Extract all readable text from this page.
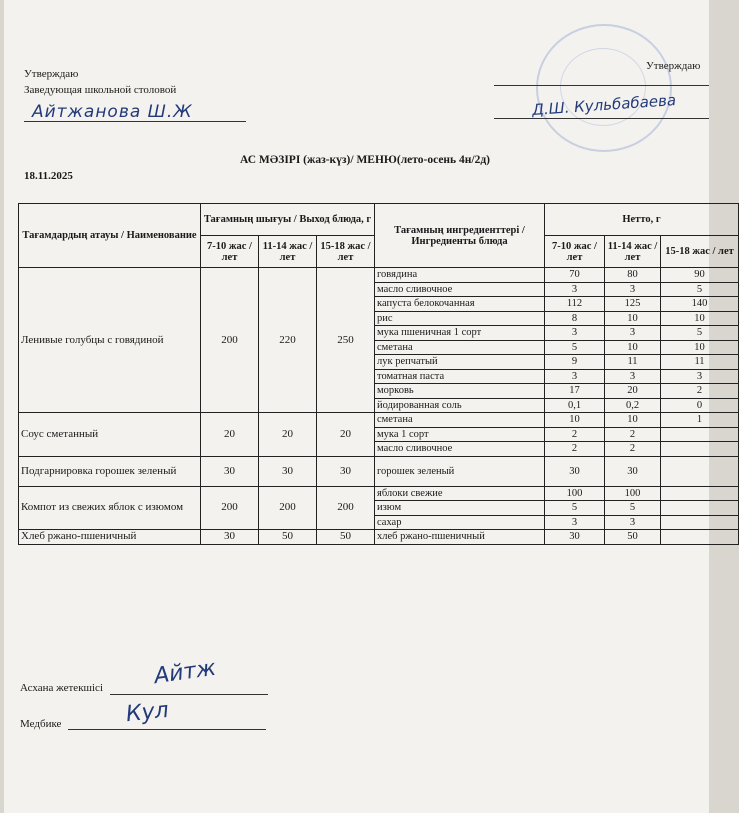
Утверждаю
Заведующая школьной столовой
Айтжанова Ш.Ж
Утверждаю
Д.Ш. Кульбабаева
АС МӘЗІРІ (жаз-күз)/ МЕНЮ(лето-осень 4н/2д)
18.11.2025
Тағамдардың атауы / Наименование	Тағамның шығуы / Выход блюда, г			Тағамның ингредиенттері / Ингредиенты блюда	Нетто, г		
	7-10 жас / лет	11-14 жас / лет	15-18 жас / лет		7-10 жас / лет	11-14 жас / лет	15-18 жас / лет
Ленивые голубцы с говядиной	200	220	250	говядина	70	80	90
				масло сливочное	3	3	5
				капуста белокочанная	112	125	140
				рис	8	10	10
				мука пшеничная 1 сорт	3	3	5
				сметана	5	10	10
				лук репчатый	9	11	11
				томатная паста	3	3	3
				морковь	17	20	2
				йодированная соль	0,1	0,2	0
Соус сметанный	20	20	20	сметана	10	10	1
				мука 1 сорт	2	2	
				масло сливочное	2	2	
Подгарнировка горошек зеленый	30	30	30	горошек зеленый	30	30	
Компот из свежих яблок с изюмом	200	200	200	яблоки свежие	100	100	
				изюм	5	5	
				сахар	3	3	
Хлеб ржано-пшеничный	30	50	50	хлеб ржано-пшеничный	30	50	
Асхана жетекшісі Айтж
Медбике	Кул
